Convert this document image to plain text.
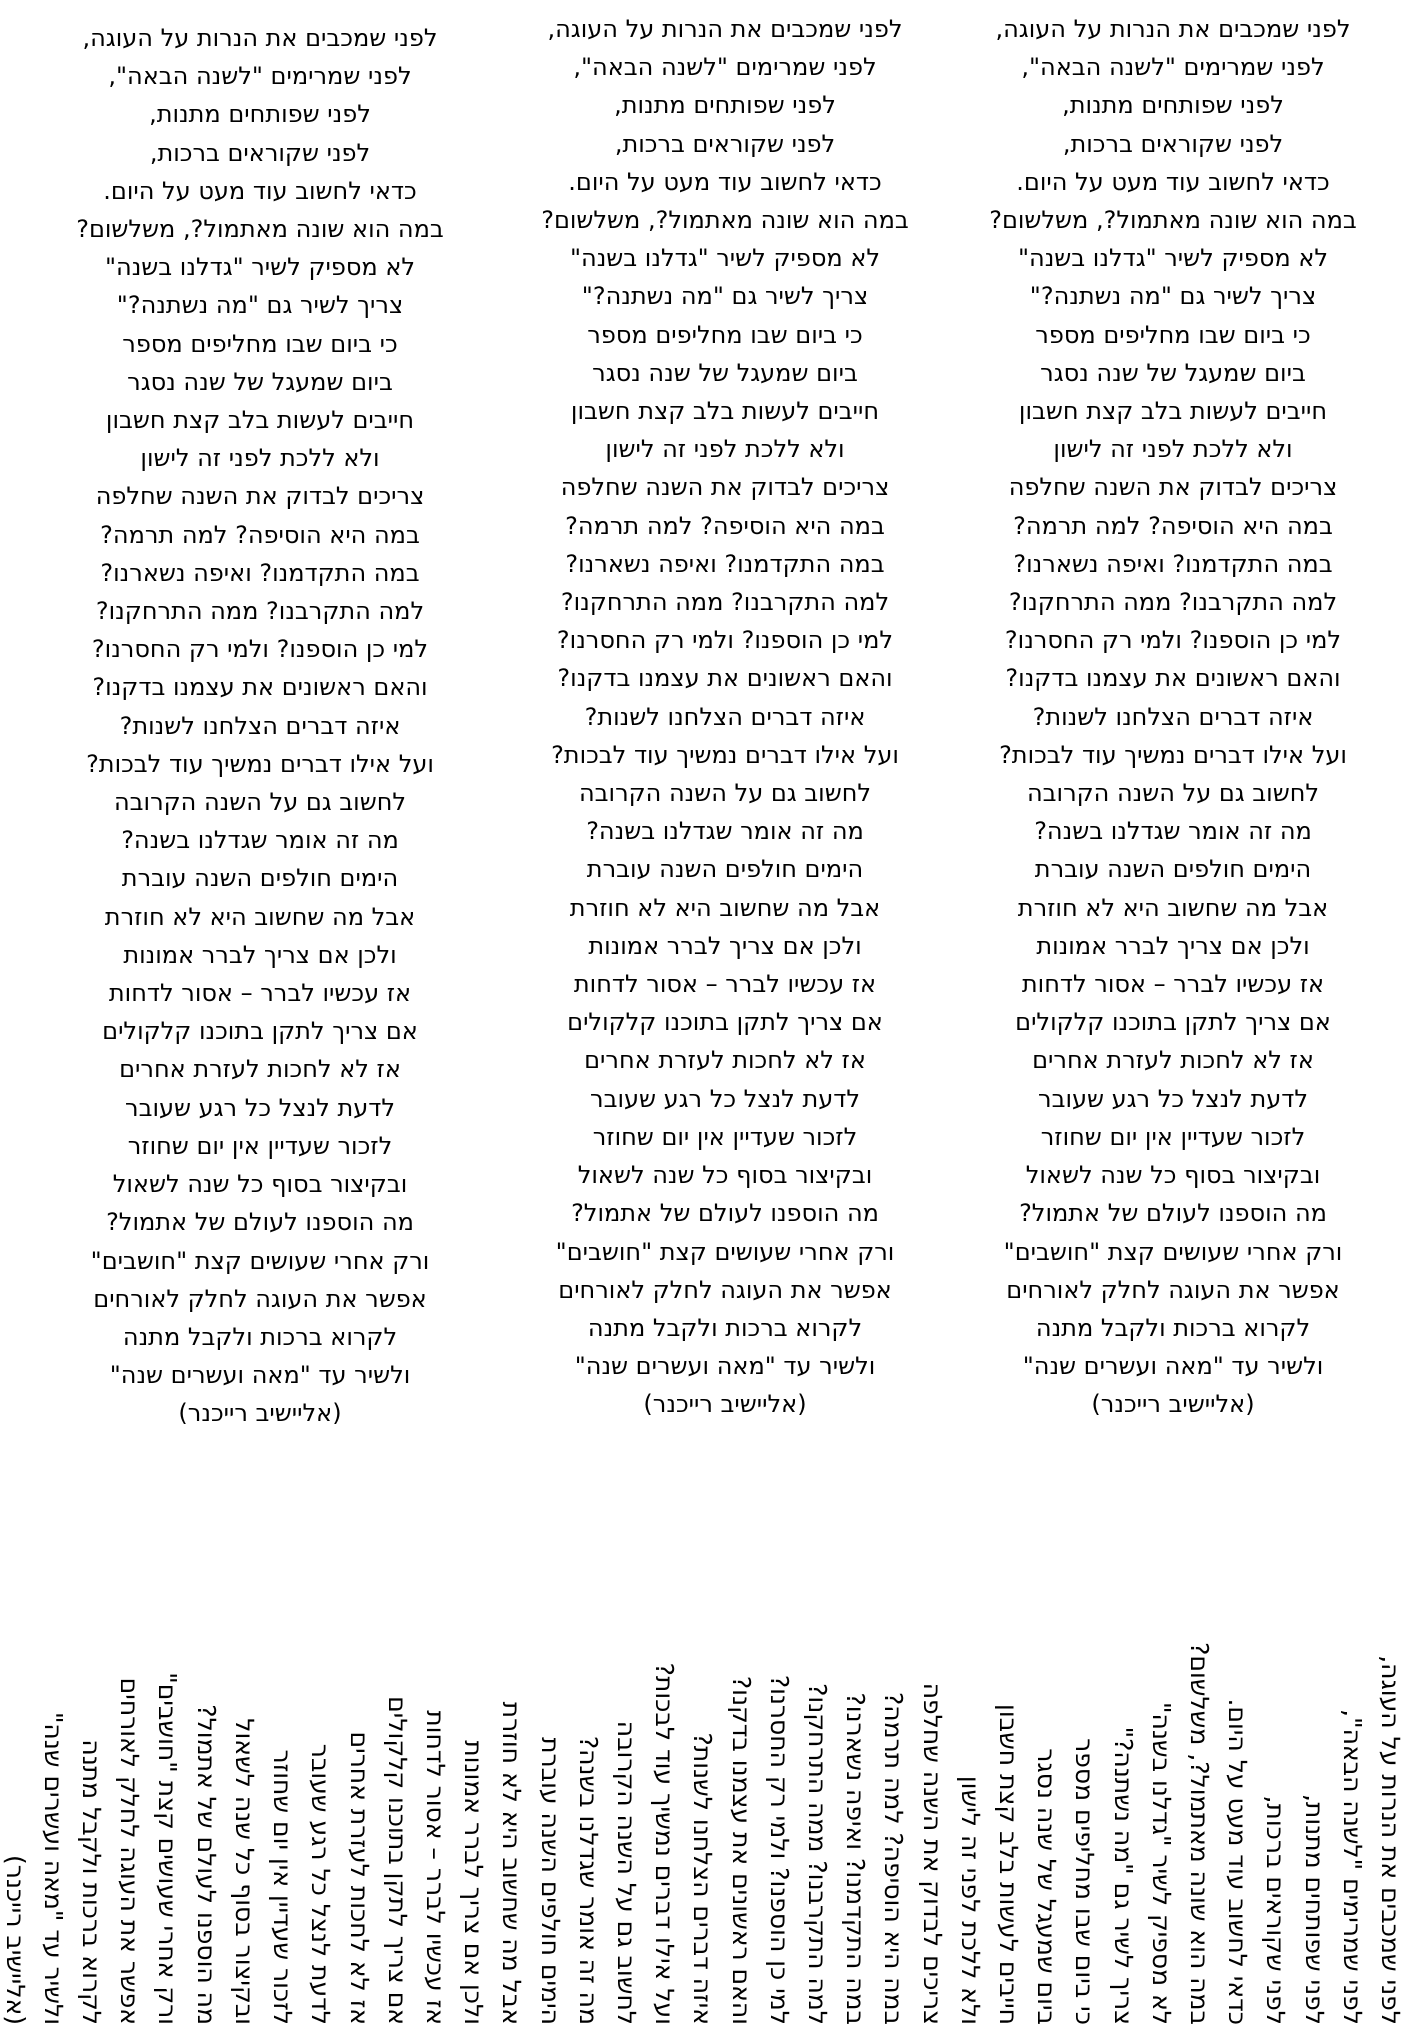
לפני שמכבים את הנרות על העוגה,
לפני שמרימים "לשנה הבאה",
לפני שפותחים מתנות,
לפני שקוראים ברכות,
כדאי לחשוב עוד מעט על היום.
במה הוא שונה מאתמול?, משלשום?
לא מספיק לשיר "גדלנו בשנה"
צריך לשיר גם "מה נשתנה?"
כי ביום שבו מחליפים מספר
ביום שמעגל של שנה נסגר
חייבים לעשות בלב קצת חשבון
ולא ללכת לפני זה לישון
צריכים לבדוק את השנה שחלפה
במה היא הוסיפה? למה תרמה?
במה התקדמנו? ואיפה נשארנו?
למה התקרבנו? ממה התרחקנו?
למי כן הוספנו? ולמי רק החסרנו?
והאם ראשונים את עצמנו בדקנו?
איזה דברים הצלחנו לשנות?
ועל אילו דברים נמשיך עוד לבכות?
לחשוב גם על השנה הקרובה
מה זה אומר שגדלנו בשנה?
הימים חולפים השנה עוברת
אבל מה שחשוב היא לא חוזרת
ולכן אם צריך לברר אמונות
אז עכשיו לברר – אסור לדחות
אם צריך לתקן בתוכנו קלקולים
אז לא לחכות לעזרת אחרים
לדעת לנצל כל רגע שעובר
לזכור שעדיין אין יום שחוזר
ובקיצור בסוף כל שנה לשאול
מה הוספנו לעולם של אתמול?
ורק אחרי שעושים קצת "חושבים"
אפשר את העוגה לחלק לאורחים
לקרוא ברכות ולקבל מתנה
ולשיר עד "מאה ועשרים שנה"
(אליישיב רייכנר)
לפני שמכבים את הנרות על העוגה,
לפני שמרימים "לשנה הבאה",
לפני שפותחים מתנות,
לפני שקוראים ברכות,
כדאי לחשוב עוד מעט על היום.
במה הוא שונה מאתמול?, משלשום?
לא מספיק לשיר "גדלנו בשנה"
צריך לשיר גם "מה נשתנה?"
כי ביום שבו מחליפים מספר
ביום שמעגל של שנה נסגר
חייבים לעשות בלב קצת חשבון
ולא ללכת לפני זה לישון
צריכים לבדוק את השנה שחלפה
במה היא הוסיפה? למה תרמה?
במה התקדמנו? ואיפה נשארנו?
למה התקרבנו? ממה התרחקנו?
למי כן הוספנו? ולמי רק החסרנו?
והאם ראשונים את עצמנו בדקנו?
איזה דברים הצלחנו לשנות?
ועל אילו דברים נמשיך עוד לבכות?
לחשוב גם על השנה הקרובה
מה זה אומר שגדלנו בשנה?
הימים חולפים השנה עוברת
אבל מה שחשוב היא לא חוזרת
ולכן אם צריך לברר אמונות
אז עכשיו לברר – אסור לדחות
אם צריך לתקן בתוכנו קלקולים
אז לא לחכות לעזרת אחרים
לדעת לנצל כל רגע שעובר
לזכור שעדיין אין יום שחוזר
ובקיצור בסוף כל שנה לשאול
מה הוספנו לעולם של אתמול?
ורק אחרי שעושים קצת "חושבים"
אפשר את העוגה לחלק לאורחים
לקרוא ברכות ולקבל מתנה
ולשיר עד "מאה ועשרים שנה"
(אליישיב רייכנר)
לפני שמכבים את הנרות על העוגה,
לפני שמרימים "לשנה הבאה",
לפני שפותחים מתנות,
לפני שקוראים ברכות,
כדאי לחשוב עוד מעט על היום.
במה הוא שונה מאתמול?, משלשום?
לא מספיק לשיר "גדלנו בשנה"
צריך לשיר גם "מה נשתנה?"
כי ביום שבו מחליפים מספר
ביום שמעגל של שנה נסגר
חייבים לעשות בלב קצת חשבון
ולא ללכת לפני זה לישון
צריכים לבדוק את השנה שחלפה
במה היא הוסיפה? למה תרמה?
במה התקדמנו? ואיפה נשארנו?
למה התקרבנו? ממה התרחקנו?
למי כן הוספנו? ולמי רק החסרנו?
והאם ראשונים את עצמנו בדקנו?
איזה דברים הצלחנו לשנות?
ועל אילו דברים נמשיך עוד לבכות?
לחשוב גם על השנה הקרובה
מה זה אומר שגדלנו בשנה?
הימים חולפים השנה עוברת
אבל מה שחשוב היא לא חוזרת
ולכן אם צריך לברר אמונות
אז עכשיו לברר – אסור לדחות
אם צריך לתקן בתוכנו קלקולים
אז לא לחכות לעזרת אחרים
לדעת לנצל כל רגע שעובר
לזכור שעדיין אין יום שחוזר
ובקיצור בסוף כל שנה לשאול
מה הוספנו לעולם של אתמול?
ורק אחרי שעושים קצת "חושבים"
אפשר את העוגה לחלק לאורחים
לקרוא ברכות ולקבל מתנה
ולשיר עד "מאה ועשרים שנה"
(אליישיב רייכנר)
לפני שמכבים את הנרות על העוגה,
לפני שמרימים "לשנה הבאה",
לפני שפותחים מתנות,
לפני שקוראים ברכות,
כדאי לחשוב עוד מעט על היום.
במה הוא שונה מאתמול?, משלשום?
לא מספיק לשיר "גדלנו בשנה"
צריך לשיר גם "מה נשתנה?"
כי ביום שבו מחליפים מספר
ביום שמעגל של שנה נסגר
חייבים לעשות בלב קצת חשבון
ולא ללכת לפני זה לישון
צריכים לבדוק את השנה שחלפה
במה היא הוסיפה? למה תרמה?
במה התקדמנו? ואיפה נשארנו?
למה התקרבנו? ממה התרחקנו?
למי כן הוספנו? ולמי רק החסרנו?
והאם ראשונים את עצמנו בדקנו?
איזה דברים הצלחנו לשנות?
ועל אילו דברים נמשיך עוד לבכות?
לחשוב גם על השנה הקרובה
מה זה אומר שגדלנו בשנה?
הימים חולפים השנה עוברת
אבל מה שחשוב היא לא חוזרת
ולכן אם צריך לברר אמונות
אז עכשיו לברר – אסור לדחות
אם צריך לתקן בתוכנו קלקולים
אז לא לחכות לעזרת אחרים
לדעת לנצל כל רגע שעובר
לזכור שעדיין אין יום שחוזר
ובקיצור בסוף כל שנה לשאול
מה הוספנו לעולם של אתמול?
ורק אחרי שעושים קצת "חושבים"
אפשר את העוגה לחלק לאורחים
לקרוא ברכות ולקבל מתנה
ולשיר עד "מאה ועשרים שנה"
(אליישיב רייכנר)
